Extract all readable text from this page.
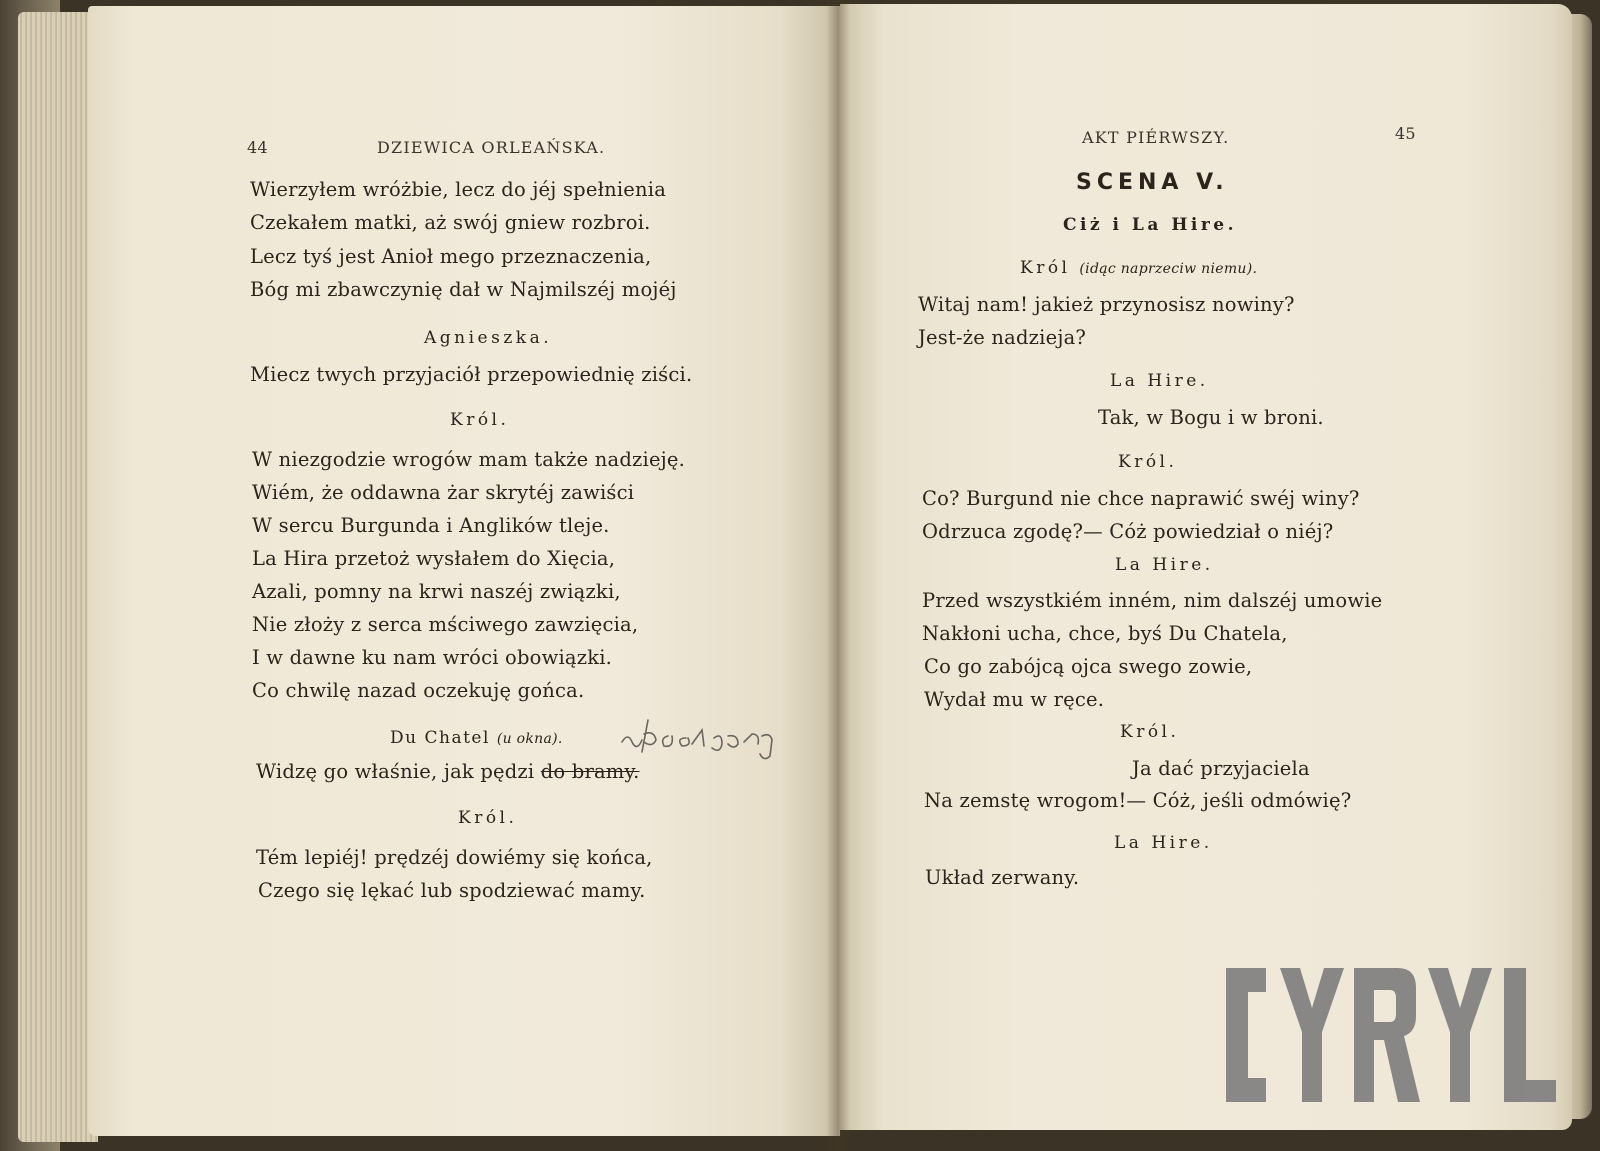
44	DZIEWICA ORLEAŃSKA.
Wierzyłem wróżbie, lecz do jéj spełnienia
Czekałem matki, aż swój gniew rozbroi.
Lecz tyś jest Anioł mego przeznaczenia,
Bóg mi zbawczynię dał w Najmilszéj mojéj
Agnieszka.
Miecz twych przyjaciół przepowiednię ziści.
Król.
W niezgodzie wrogów mam także nadzieję.
Wiém, że oddawna żar skrytéj zawiści
W sercu Burgunda i Anglików tleje.
La Hira przetoż wysłałem do Xięcia,
Azali, pomny na krwi naszéj związki,
Nie złoży z serca mściwego zawzięcia,
I w dawne ku nam wróci obowiązki.
Co chwilę nazad oczekuję gońca.
Du Chatel (u okna).
Widzę go właśnie, jak pędzi do bramy.
Król.
Tém lepiéj! prędzéj dowiémy się końca,
Czego się lękać lub spodziewać mamy.
AKT PIÉRWSZY.	45
SCENA V.
Ciż i La Hire.
Król (idąc naprzeciw niemu).
Witaj nam! jakież przynosisz nowiny?
Jest-że nadzieja?
La Hire.
Tak, w Bogu i w broni.
Król.
Co? Burgund nie chce naprawić swéj winy?
Odrzuca zgodę?— Cóż powiedział o niéj?
La Hire.
Przed wszystkiém inném, nim dalszéj umowie
Nakłoni ucha, chce, byś Du Chatela,
Co go zabójcą ojca swego zowie,
Wydał mu w ręce.
Król.
Ja dać przyjaciela
Na zemstę wrogom!— Cóż, jeśli odmówię?
La Hire.
Układ zerwany.
